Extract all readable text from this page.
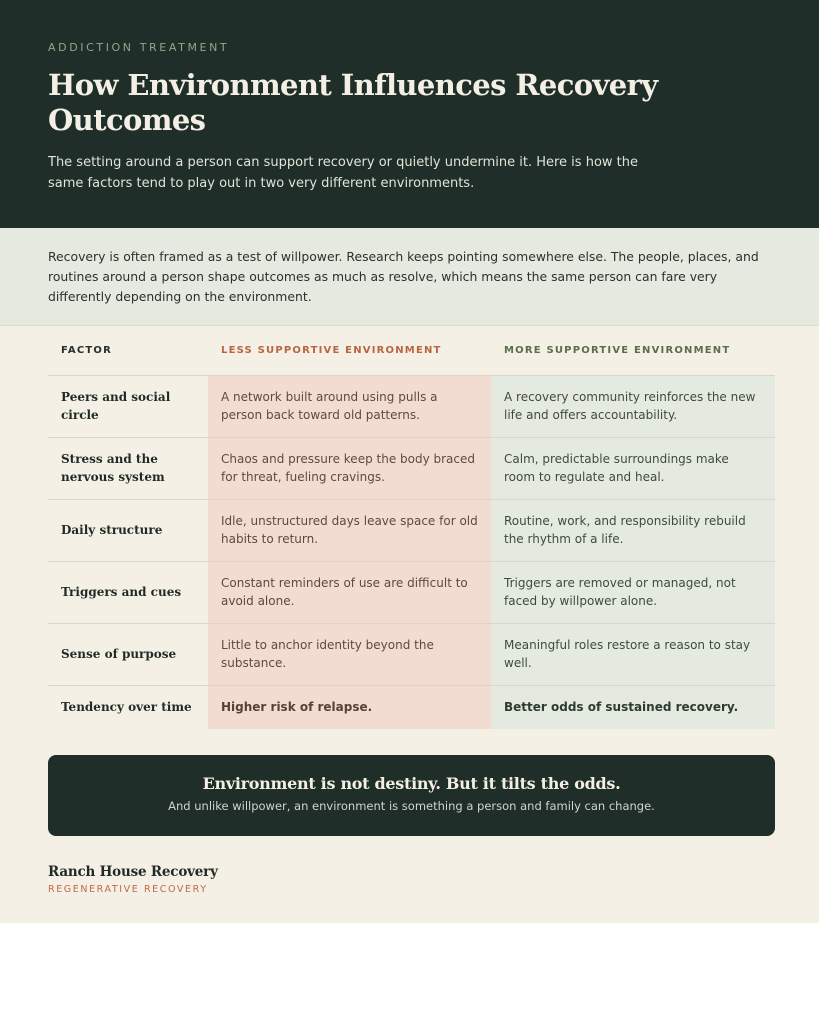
ADDICTION TREATMENT
How Environment Influences Recovery Outcomes

The setting around a person can support recovery or quietly undermine it. Here is how the same factors tend to play out in two very different environments.

Recovery is often framed as a test of willpower. Research keeps pointing somewhere else. The people, places, and routines around a person shape outcomes as much as resolve, which means the same person can fare very differently depending on the environment.

FACTOR	LESS SUPPORTIVE ENVIRONMENT	MORE SUPPORTIVE ENVIRONMENT
Peers and social circle	A network built around using pulls a person back toward old patterns.	A recovery community reinforces the new life and offers accountability.
Stress and the nervous system	Chaos and pressure keep the body braced for threat, fueling cravings.	Calm, predictable surroundings make room to regulate and heal.
Daily structure	Idle, unstructured days leave space for old habits to return.	Routine, work, and responsibility rebuild the rhythm of a life.
Triggers and cues	Constant reminders of use are difficult to avoid alone.	Triggers are removed or managed, not faced by willpower alone.
Sense of purpose	Little to anchor identity beyond the substance.	Meaningful roles restore a reason to stay well.
Tendency over time	Higher risk of relapse.	Better odds of sustained recovery.
Environment is not destiny. But it tilts the odds.
And unlike willpower, an environment is something a person and family can change.
Ranch House Recovery
REGENERATIVE RECOVERY
